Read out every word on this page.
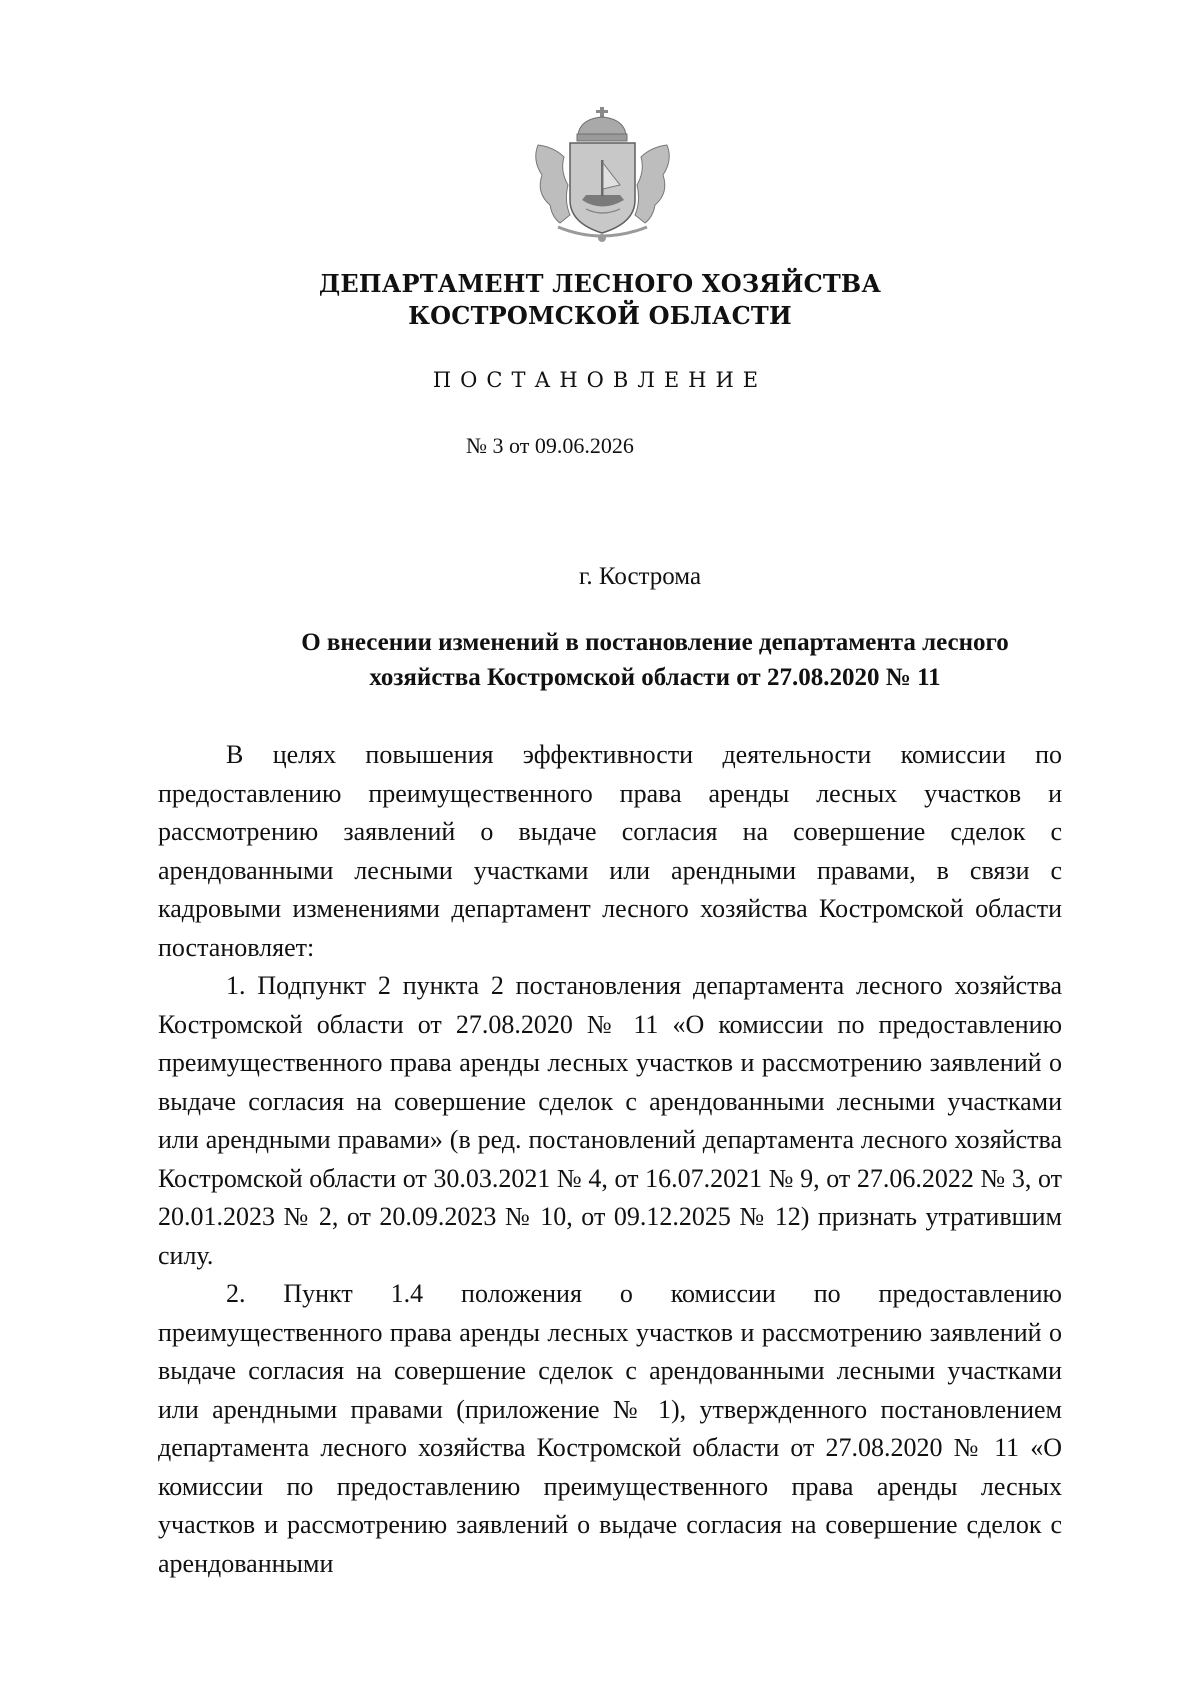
ДЕПАРТАМЕНТ ЛЕСНОГО ХОЗЯЙСТВА
КОСТРОМСКОЙ ОБЛАСТИ
ПОСТАНОВЛЕНИЕ
№ 3 от 09.06.2026
г. Кострома
О внесении изменений в постановление департамента лесного
хозяйства Костромской области от 27.08.2020 № 11

В целях повышения эффективности деятельности комиссии по предоставлению преимущественного права аренды лесных участков и рассмотрению заявлений о выдаче согласия на совершение сделок с арендованными лесными участками или арендными правами, в связи с кадровыми изменениями департамент лесного хозяйства Костромской области постановляет:

1. Подпункт 2 пункта 2 постановления департамента лесного хозяйства Костромской области от 27.08.2020 № 11 «О комиссии по предоставлению преимущественного права аренды лесных участков и рассмотрению заявлений о выдаче согласия на совершение сделок с арендованными лесными участками или арендными правами» (в ред. постановлений департамента лесного хозяйства Костромской области от 30.03.2021 № 4, от 16.07.2021 № 9, от 27.06.2022 № 3, от 20.01.2023 № 2, от 20.09.2023 № 10, от 09.12.2025 № 12) признать утратившим силу.

2. Пункт 1.4 положения о комиссии по предоставлению преимущественного права аренды лесных участков и рассмотрению заявлений о выдаче согласия на совершение сделок с арендованными лесными участками или арендными правами (приложение № 1), утвержденного постановлением департамента лесного хозяйства Костромской области от 27.08.2020 № 11 «О комиссии по предоставлению преимущественного права аренды лесных участков и рассмотрению заявлений о выдаче согласия на совершение сделок с арендованными
